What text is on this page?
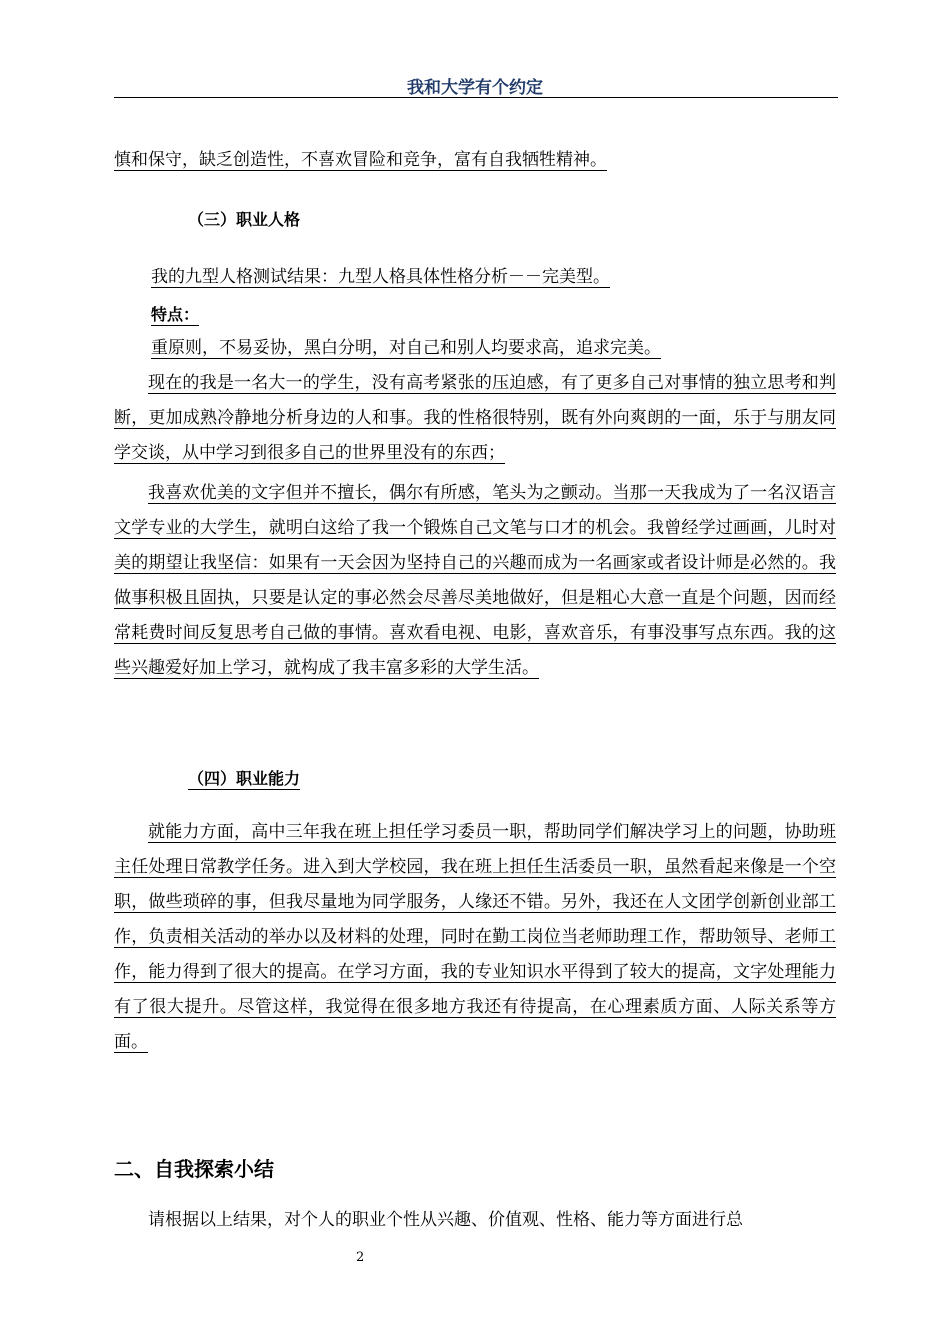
我和大学有个约定
慎和保守，缺乏创造性，不喜欢冒险和竞争，富有自我牺牲精神。
（三）职业人格
我的九型人格测试结果：九型人格具体性格分析－－完美型。
特点：
重原则，不易妥协，黑白分明，对自己和别人均要求高，追求完美。
现在的我是一名大一的学生，没有高考紧张的压迫感，有了更多自己对事情的独立思考和判断，更加成熟冷静地分析身边的人和事。我的性格很特别，既有外向爽朗的一面，乐于与朋友同学交谈，从中学习到很多自己的世界里没有的东西；
我喜欢优美的文字但并不擅长，偶尔有所感，笔头为之颤动。当那一天我成为了一名汉语言文学专业的大学生，就明白这给了我一个锻炼自己文笔与口才的机会。我曾经学过画画，儿时对美的期望让我坚信：如果有一天会因为坚持自己的兴趣而成为一名画家或者设计师是必然的。我做事积极且固执，只要是认定的事必然会尽善尽美地做好，但是粗心大意一直是个问题，因而经常耗费时间反复思考自己做的事情。喜欢看电视、电影，喜欢音乐，有事没事写点东西。我的这些兴趣爱好加上学习，就构成了我丰富多彩的大学生活。
（四）职业能力
就能力方面，高中三年我在班上担任学习委员一职，帮助同学们解决学习上的问题，协助班主任处理日常教学任务。进入到大学校园，我在班上担任生活委员一职，虽然看起来像是一个空职，做些琐碎的事，但我尽量地为同学服务，人缘还不错。另外，我还在人文团学创新创业部工作，负责相关活动的举办以及材料的处理，同时在勤工岗位当老师助理工作，帮助领导、老师工作，能力得到了很大的提高。在学习方面，我的专业知识水平得到了较大的提高，文字处理能力有了很大提升。尽管这样，我觉得在很多地方我还有待提高，在心理素质方面、人际关系等方面。
二、自我探索小结
请根据以上结果，对个人的职业个性从兴趣、价值观、性格、能力等方面进行总
2
